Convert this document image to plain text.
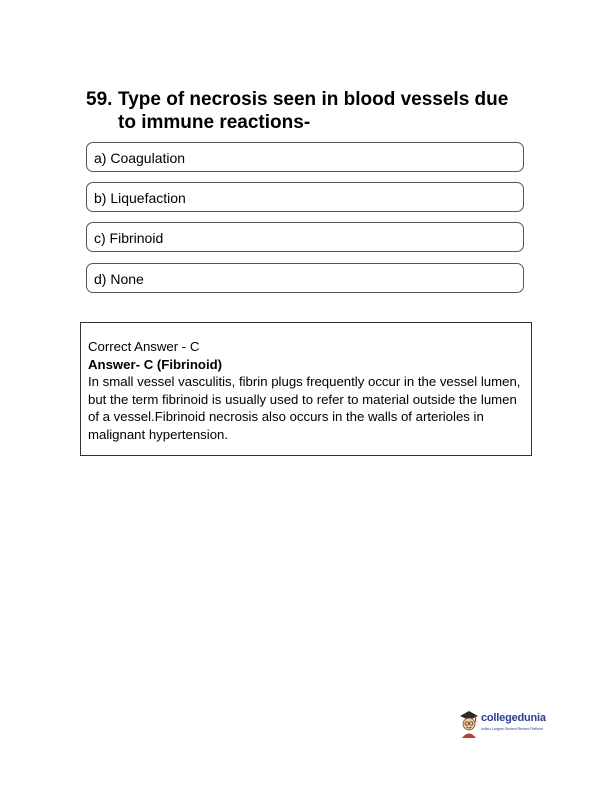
59. Type of necrosis seen in blood vessels due to immune reactions-
a) Coagulation
b) Liquefaction
c) Fibrinoid
d) None
Correct Answer - C
Answer- C (Fibrinoid)
In small vessel vasculitis, fibrin plugs frequently occur in the vessel lumen, but the term fibrinoid is usually used to refer to material outside the lumen of a vessel.Fibrinoid necrosis also occurs in the walls of arterioles in malignant hypertension.
collegedunia
India's Largest Student Review Platform
